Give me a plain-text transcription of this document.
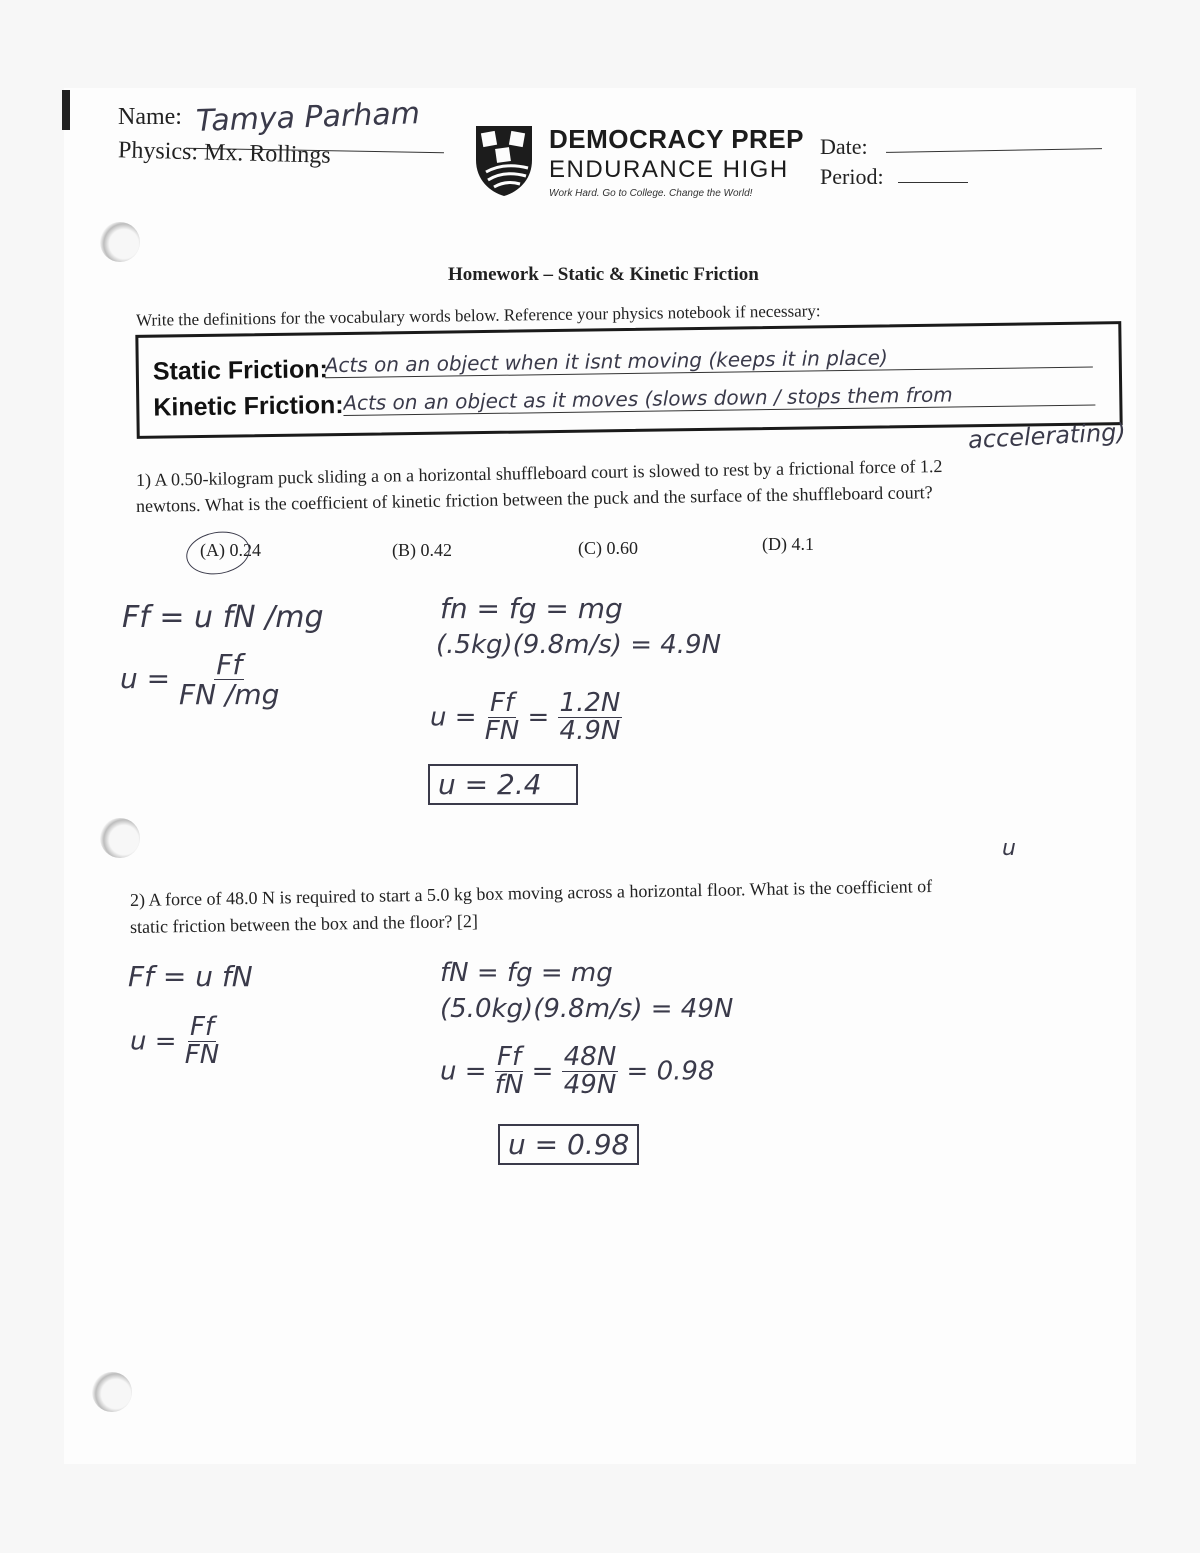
Name: Tamya Parham
Physics: Mx. Rollings	DEMOCRACY PREP
ENDURANCE HIGH
Work Hard. Go to College. Change the World!
Date:
Period:
Homework – Static & Kinetic Friction
Write the definitions for the vocabulary words below. Reference your physics notebook if necessary:
Static Friction:
Acts on an object when it isnt moving (keeps it in place)
Kinetic Friction: Acts on an object as it moves (slows down / stops them from
accelerating)
1) A 0.50-kilogram puck sliding a on a horizontal shuffleboard court is slowed to rest by a frictional force of 1.2
newtons. What is the coefficient of kinetic friction between the puck and the surface of the shuffleboard court?
(A) 0.24	(B) 0.42	(C) 0.60	(D) 4.1
Ff = u fN /mg
$u = \frac{Ff}{FN /mg}$
fn = fg = mg
(.5kg)(9.8m/s) = 4.9N
$u = \frac{Ff}{FN} = \frac{1.2N}{4.9N}$
u = 2.4
u
2) A force of 48.0 N is required to start a 5.0 kg box moving across a horizontal floor. What is the coefficient of
static friction between the box and the floor? [2]
Ff = u fN
$u = \frac{Ff}{FN}$
fN = fg = mg
(5.0kg)(9.8m/s) = 49N
$u = \frac{Ff}{fN} = \frac{48N}{49N} = 0.98$
u = 0.98
